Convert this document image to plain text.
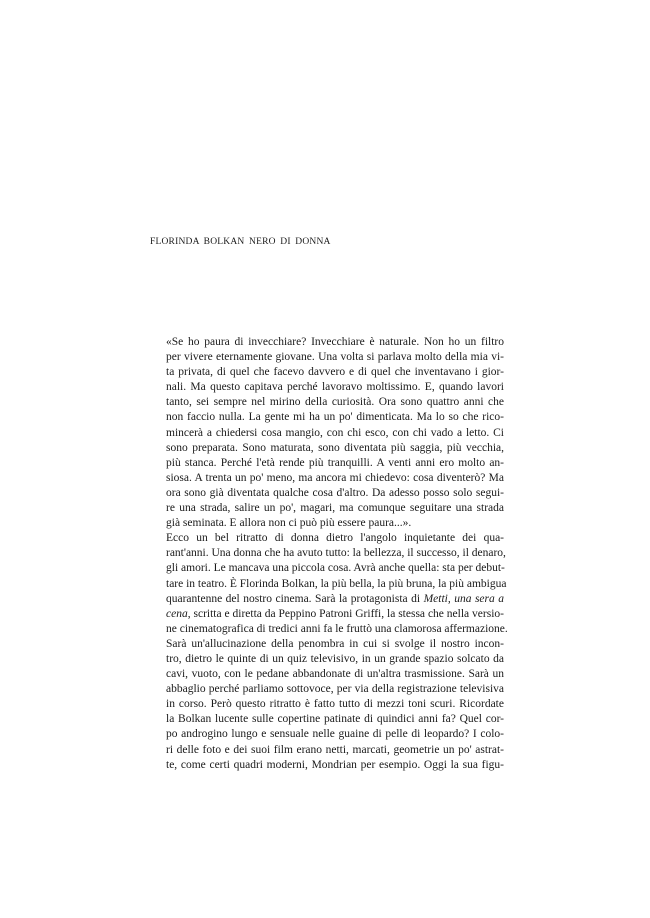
FLORINDA BOLKAN NERO DI DONNA

«Se ho paura di invecchiare? Invecchiare è naturale. Non ho un filtro
per vivere eternamente giovane. Una volta si parlava molto della mia vi-
ta privata, di quel che facevo davvero e di quel che inventavano i gior-
nali. Ma questo capitava perché lavoravo moltissimo. E, quando lavori
tanto, sei sempre nel mirino della curiosità. Ora sono quattro anni che
non faccio nulla. La gente mi ha un po' dimenticata. Ma lo so che rico-
mincerà a chiedersi cosa mangio, con chi esco, con chi vado a letto. Ci
sono preparata. Sono maturata, sono diventata più saggia, più vecchia,
più stanca. Perché l'età rende più tranquilli. A venti anni ero molto an-
siosa. A trenta un po' meno, ma ancora mi chiedevo: cosa diventerò? Ma
ora sono già diventata qualche cosa d'altro. Da adesso posso solo segui-
re una strada, salire un po', magari, ma comunque seguitare una strada
già seminata. E allora non ci può più essere paura...».

Ecco un bel ritratto di donna dietro l'angolo inquietante dei qua-
rant'anni. Una donna che ha avuto tutto: la bellezza, il successo, il denaro,
gli amori. Le mancava una piccola cosa. Avrà anche quella: sta per debut-
tare in teatro. È Florinda Bolkan, la più bella, la più bruna, la più ambigua
quarantenne del nostro cinema. Sarà la protagonista di Metti, una sera a
cena, scritta e diretta da Peppino Patroni Griffi, la stessa che nella versio-
ne cinematografica di tredici anni fa le fruttò una clamorosa affermazione.

Sarà un'allucinazione della penombra in cui si svolge il nostro incon-
tro, dietro le quinte di un quiz televisivo, in un grande spazio solcato da
cavi, vuoto, con le pedane abbandonate di un'altra trasmissione. Sarà un
abbaglio perché parliamo sottovoce, per via della registrazione televisiva
in corso. Però questo ritratto è fatto tutto di mezzi toni scuri. Ricordate
la Bolkan lucente sulle copertine patinate di quindici anni fa? Quel cor-
po androgino lungo e sensuale nelle guaine di pelle di leopardo? I colo-
ri delle foto e dei suoi film erano netti, marcati, geometrie un po' astrat-
te, come certi quadri moderni, Mondrian per esempio. Oggi la sua figu-
